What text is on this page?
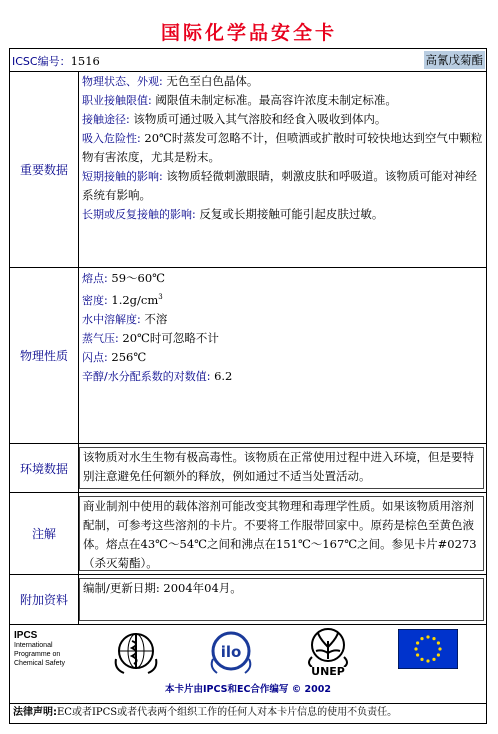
国际化学品安全卡
ICSC编号：1516	高氰戊菊酯
重要数据
物理状态、外观: 无色至白色晶体。
职业接触限值: 阈限值未制定标准。最高容许浓度未制定标准。
接触途径: 该物质可通过吸入其气溶胶和经食入吸收到体内。
吸入危险性: 20℃时蒸发可忽略不计，但喷洒或扩散时可较快地达到空气中颗粒物有害浓度，尤其是粉末。
短期接触的影响: 该物质轻微刺激眼睛，刺激皮肤和呼吸道。该物质可能对神经系统有影响。
长期或反复接触的影响: 反复或长期接触可能引起皮肤过敏。
物理性质
熔点: 59～60℃
密度: $1.2g/cm^3$
水中溶解度: 不溶
蒸气压: 20℃时可忽略不计
闪点: 256℃
辛醇/水分配系数的对数值: 6.2
环境数据
该物质对水生生物有极高毒性。该物质在正常使用过程中进入环境，但是要特别注意避免任何额外的释放，例如通过不适当处置活动。
注解
商业制剂中使用的载体溶剂可能改变其物理和毒理学性质。如果该物质用溶剂配制，可参考这些溶剂的卡片。不要将工作服带回家中。原药是棕色至黄色液体。熔点在43℃～54℃之间和沸点在151℃～167℃之间。参见卡片#0273 （杀灭菊酯）。
附加资料
编制/更新日期: 2004年04月。
IPCS
International
Programme on
Chemical Safety
ilo
UNEP
本卡片由IPCS和EC合作编写 © 2002
法律声明:EC或者IPCS或者代表两个组织工作的任何人对本卡片信息的使用不负责任。
